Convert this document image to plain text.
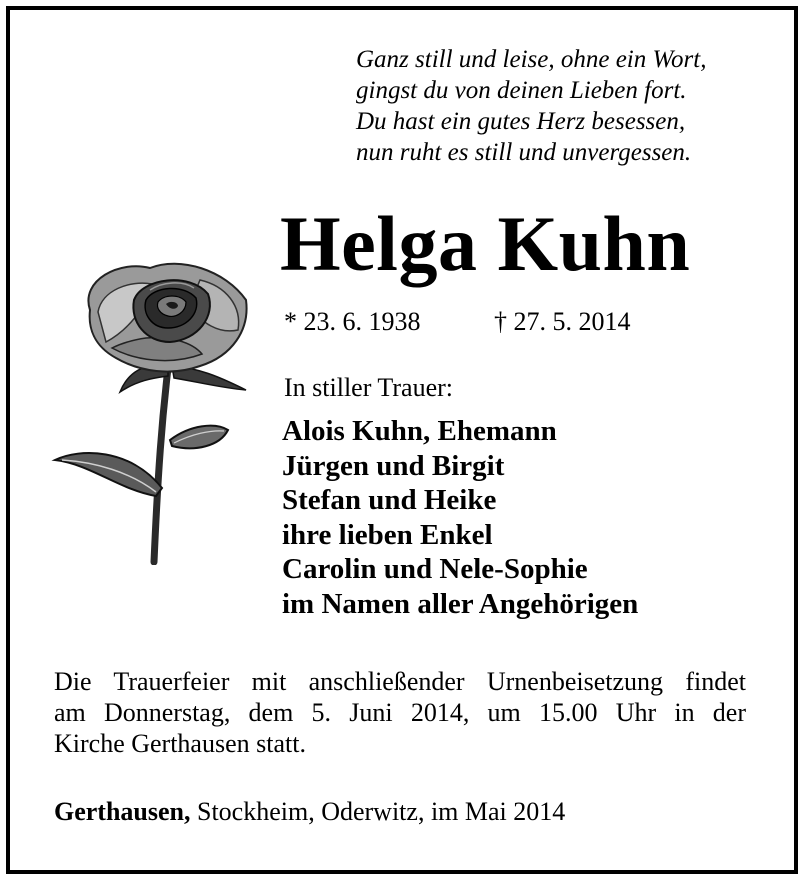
Ganz still und leise, ohne ein Wort,
gingst du von deinen Lieben fort.
Du hast ein gutes Herz besessen,
nun ruht es still und unvergessen.
Helga Kuhn
* 23. 6. 1938	† 27. 5. 2014
In stiller Trauer:
Alois Kuhn, Ehemann
Jürgen und Birgit
Stefan und Heike
ihre lieben Enkel
Carolin und Nele-Sophie
im Namen aller Angehörigen

Die Trauerfeier mit anschließender Urnenbeisetzung findet
am Donnerstag, dem 5. Juni 2014, um 15.00 Uhr in der
Kirche Gerthausen statt.

Gerthausen, Stockheim, Oderwitz, im Mai 2014
